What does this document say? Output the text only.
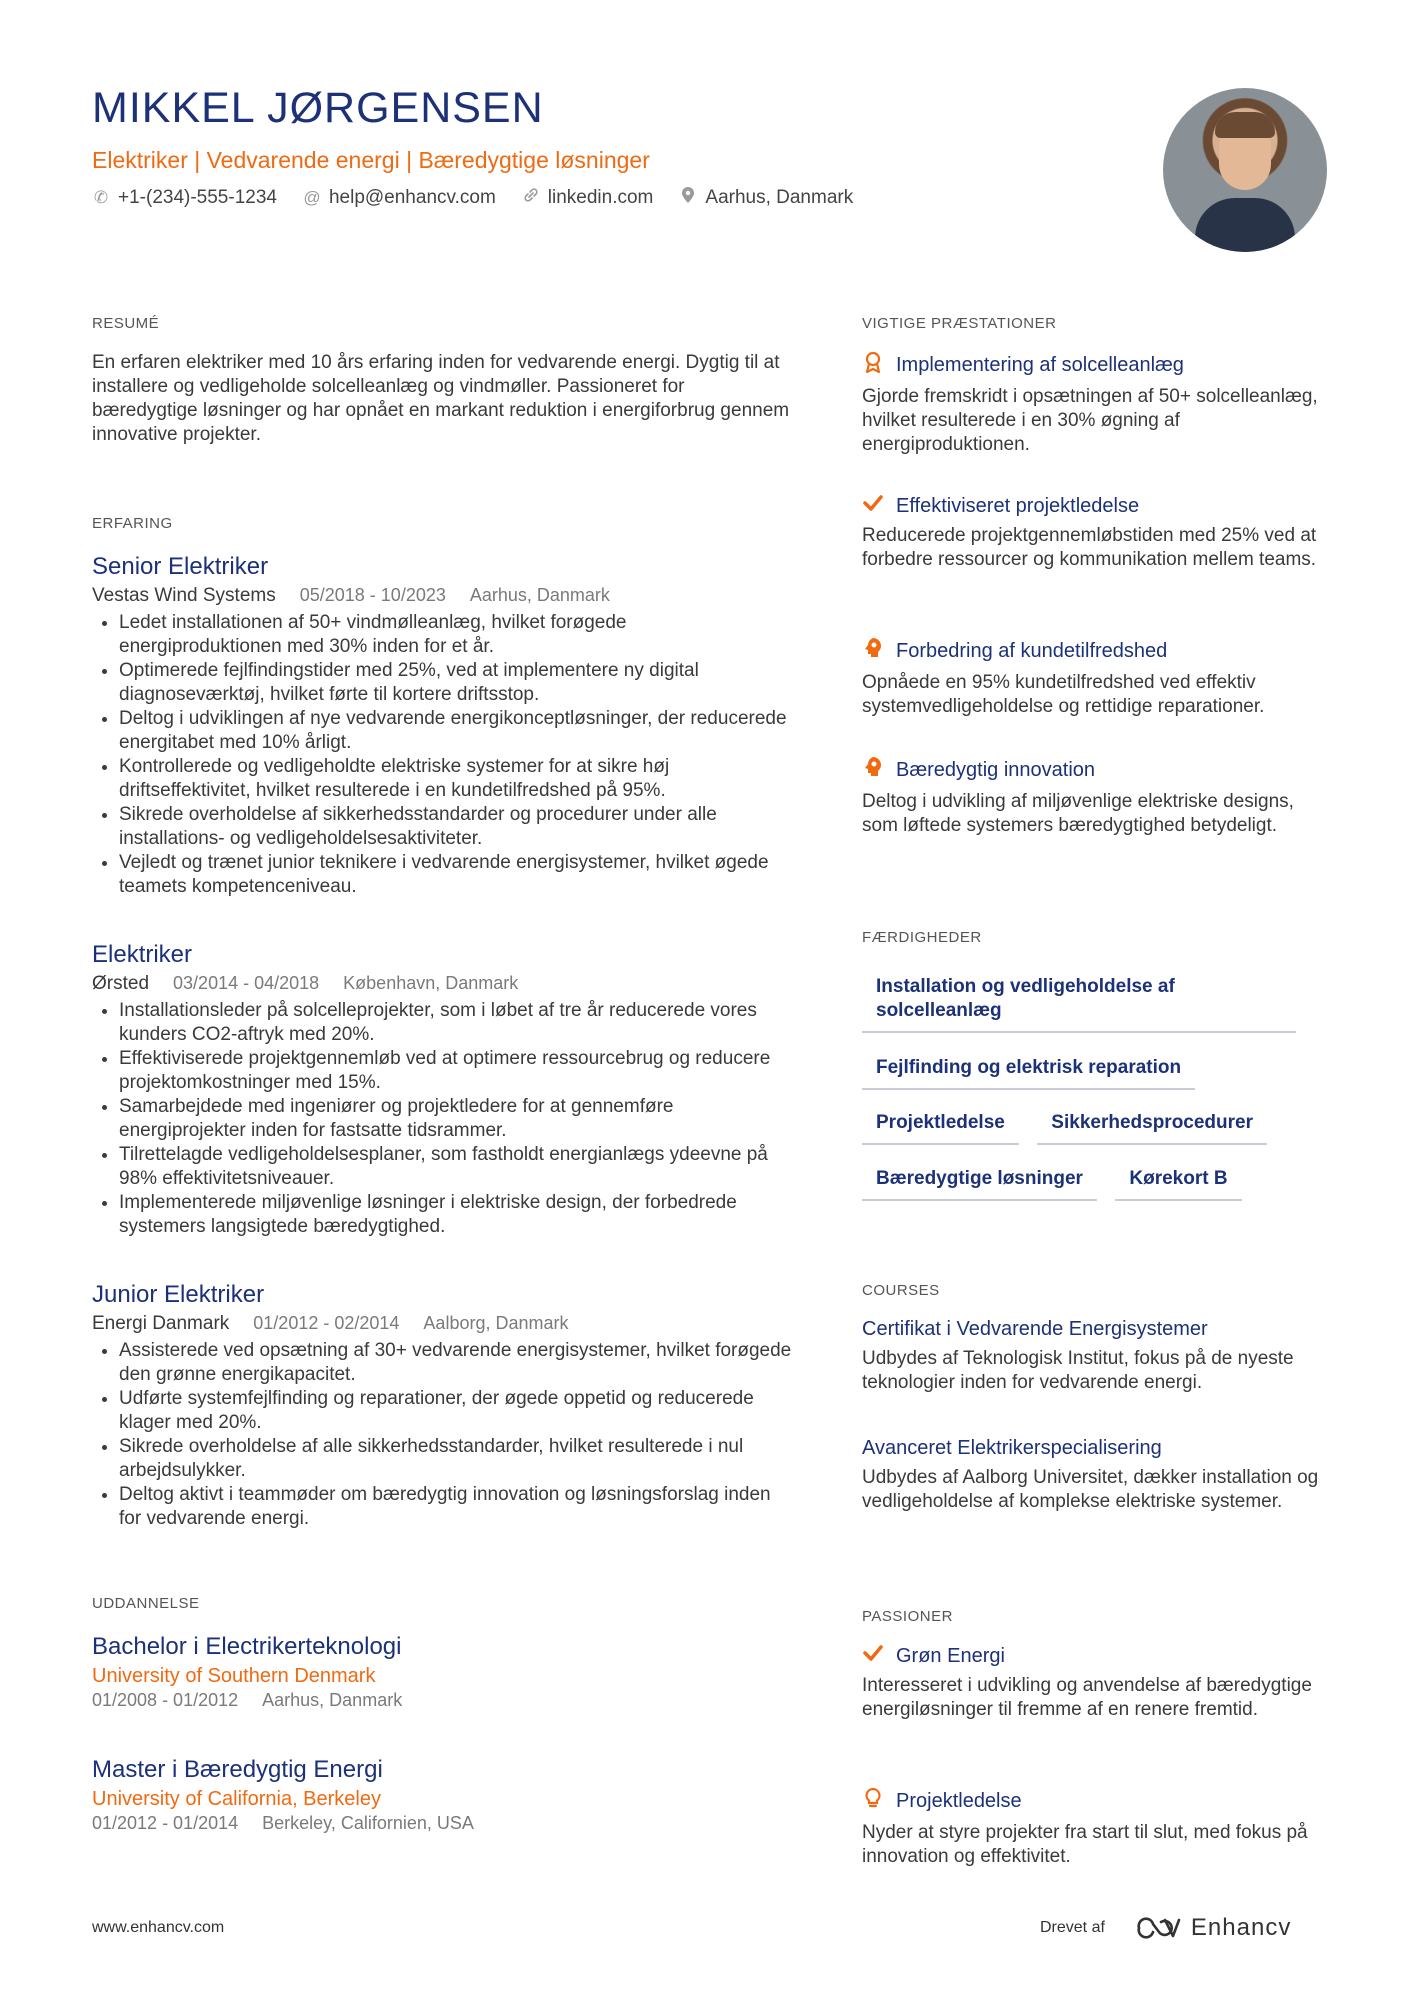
MIKKEL JØRGENSEN
Elektriker | Vedvarende energi | Bæredygtige løsninger
✆ +1-(234)-555-1234 @ help@enhancv.com	linkedin.com	Aarhus, Danmark
RESUMÉ
En erfaren elektriker med 10 års erfaring inden for vedvarende energi. Dygtig til at installere og vedligeholde solcelleanlæg og vindmøller. Passioneret for bæredygtige løsninger og har opnået en markant reduktion i energiforbrug gennem innovative projekter.
ERFARING
Senior Elektriker
Vestas Wind Systems 05/2018 - 10/2023 Aarhus, Danmark
• Ledet installationen af 50+ vindmølleanlæg, hvilket forøgede energiproduktionen med 30% inden for et år.
• Optimerede fejlfindingstider med 25%, ved at implementere ny digital diagnoseværktøj, hvilket førte til kortere driftsstop.
• Deltog i udviklingen af nye vedvarende energikonceptløsninger, der reducerede energitabet med 10% årligt.
• Kontrollerede og vedligeholdte elektriske systemer for at sikre høj driftseffektivitet, hvilket resulterede i en kundetilfredshed på 95%.
• Sikrede overholdelse af sikkerhedsstandarder og procedurer under alle installations- og vedligeholdelsesaktiviteter.
• Vejledt og trænet junior teknikere i vedvarende energisystemer, hvilket øgede teamets kompetenceniveau.
Elektriker
Ørsted 03/2014 - 04/2018 København, Danmark
• Installationsleder på solcelleprojekter, som i løbet af tre år reducerede vores kunders CO2-aftryk med 20%.
• Effektiviserede projektgennemløb ved at optimere ressourcebrug og reducere projektomkostninger med 15%.
• Samarbejdede med ingeniører og projektledere for at gennemføre energiprojekter inden for fastsatte tidsrammer.
• Tilrettelagde vedligeholdelsesplaner, som fastholdt energianlægs ydeevne på 98% effektivitetsniveauer.
• Implementerede miljøvenlige løsninger i elektriske design, der forbedrede systemers langsigtede bæredygtighed.
Junior Elektriker
Energi Danmark 01/2012 - 02/2014 Aalborg, Danmark
• Assisterede ved opsætning af 30+ vedvarende energisystemer, hvilket forøgede den grønne energikapacitet.
• Udførte systemfejlfinding og reparationer, der øgede oppetid og reducerede klager med 20%.
• Sikrede overholdelse af alle sikkerhedsstandarder, hvilket resulterede i nul arbejdsulykker.
• Deltog aktivt i teammøder om bæredygtig innovation og løsningsforslag inden for vedvarende energi.
UDDANNELSE
Bachelor i Electrikerteknologi
University of Southern Denmark
01/2008 - 01/2012 Aarhus, Danmark
Master i Bæredygtig Energi
University of California, Berkeley
01/2012 - 01/2014 Berkeley, Californien, USA
VIGTIGE PRÆSTATIONER
Implementering af solcelleanlæg
Gjorde fremskridt i opsætningen af 50+ solcelleanlæg, hvilket resulterede i en 30% øgning af energiproduktionen.
Effektiviseret projektledelse
Reducerede projektgennemløbstiden med 25% ved at forbedre ressourcer og kommunikation mellem teams.
Forbedring af kundetilfredshed
Opnåede en 95% kundetilfredshed ved effektiv systemvedligeholdelse og rettidige reparationer.
Bæredygtig innovation
Deltog i udvikling af miljøvenlige elektriske designs, som løftede systemers bæredygtighed betydeligt.
FÆRDIGHEDER
Installation og vedligeholdelse af solcelleanlæg
Fejlfinding og elektrisk reparation
Projektledelse Sikkerhedsprocedurer
Bæredygtige løsninger Kørekort B
COURSES
Certifikat i Vedvarende Energisystemer
Udbydes af Teknologisk Institut, fokus på de nyeste teknologier inden for vedvarende energi.
Avanceret Elektrikerspecialisering
Udbydes af Aalborg Universitet, dækker installation og vedligeholdelse af komplekse elektriske systemer.
PASSIONER
Grøn Energi
Interesseret i udvikling og anvendelse af bæredygtige energiløsninger til fremme af en renere fremtid.
Projektledelse
Nyder at styre projekter fra start til slut, med fokus på innovation og effektivitet.
www.enhancv.com	Drevet af	Enhancv
